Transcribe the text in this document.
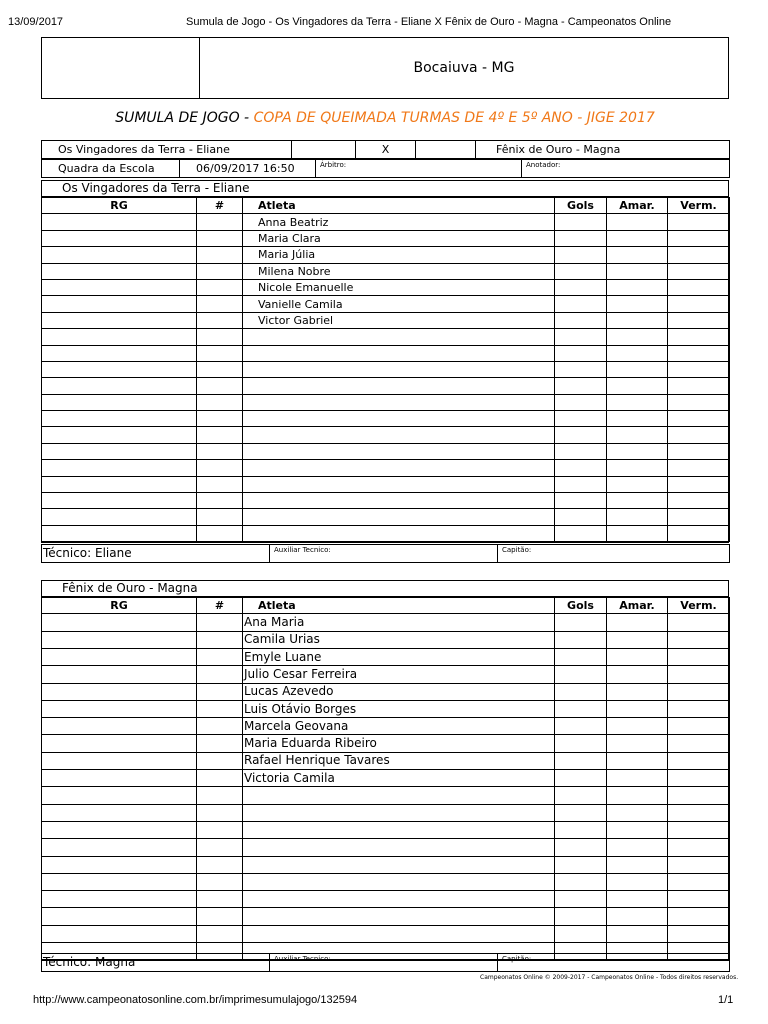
13/09/2017	Sumula de Jogo - Os Vingadores da Terra - Eliane X Fênix de Ouro - Magna - Campeonatos Online
Bocaiuva - MG
SUMULA DE JOGO - COPA DE QUEIMADA TURMAS DE 4º E 5º ANO - JIGE 2017
Os Vingadores da Terra - Eliane		X		Fênix de Ouro - Magna
Quadra da Escola	06/09/2017 16:50	Árbitro:	Anotador:
Os Vingadores da Terra - Eliane
RG	#	Atleta	Gols	Amar.	Verm.
		Anna Beatriz			
		Maria Clara			
		Maria Júlia			
		Milena Nobre			
		Nicole Emanuelle			
		Vanielle Camila			
		Victor Gabriel			

Técnico: Eliane	Auxiliar Tecnico:	Capitão:
Fênix de Ouro - Magna
RG	#	Atleta	Gols	Amar.	Verm.
		Ana Maria			
		Camila Urias			
		Emyle Luane			
		Julio Cesar Ferreira			
		Lucas Azevedo			
		Luis Otávio Borges			
		Marcela Geovana			
		Maria Eduarda Ribeiro			
		Rafael Henrique Tavares			
		Victoria Camila			

Técnico: Magna	Auxiliar Tecnico:	Capitão:
Campeonatos Online © 2009-2017 - Campeonatos Online - Todos direitos reservados.
http://www.campeonatosonline.com.br/imprimesumulajogo/132594	1/1
